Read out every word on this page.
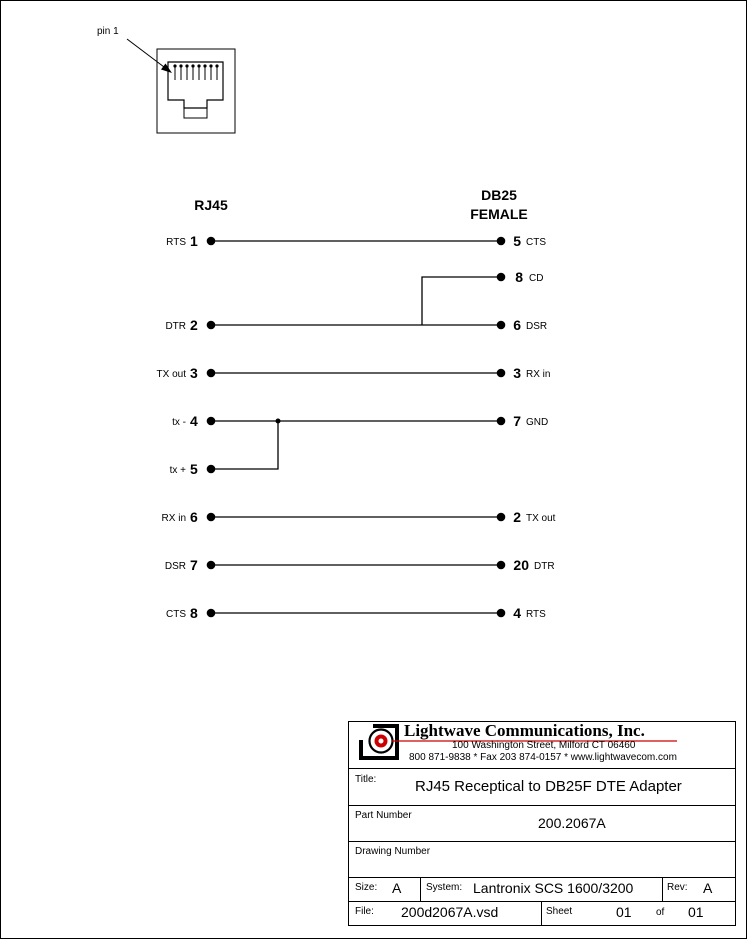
pin 1
RJ45
DB25
FEMALE
RTS 1
DTR 2
TX out 3
tx - 4
tx + 5
RX in 6
DSR 7
CTS 8
5 CTS
8 CD
6 DSR
3 RX in
7 GND
2 TX out
20 DTR
4 RTS
Lightwave Communications, Inc.
100 Washington Street, Milford CT 06460
800 871-9838 * Fax 203 874-0157 * www.lightwavecom.com
Title:	RJ45 Receptical to DB25F DTE Adapter
Part Number	200.2067A
Drawing Number
Size: A System: Lantronix SCS 1600/3200	Rev: A
File: 200d2067A.vsd	Sheet	01 of 01
